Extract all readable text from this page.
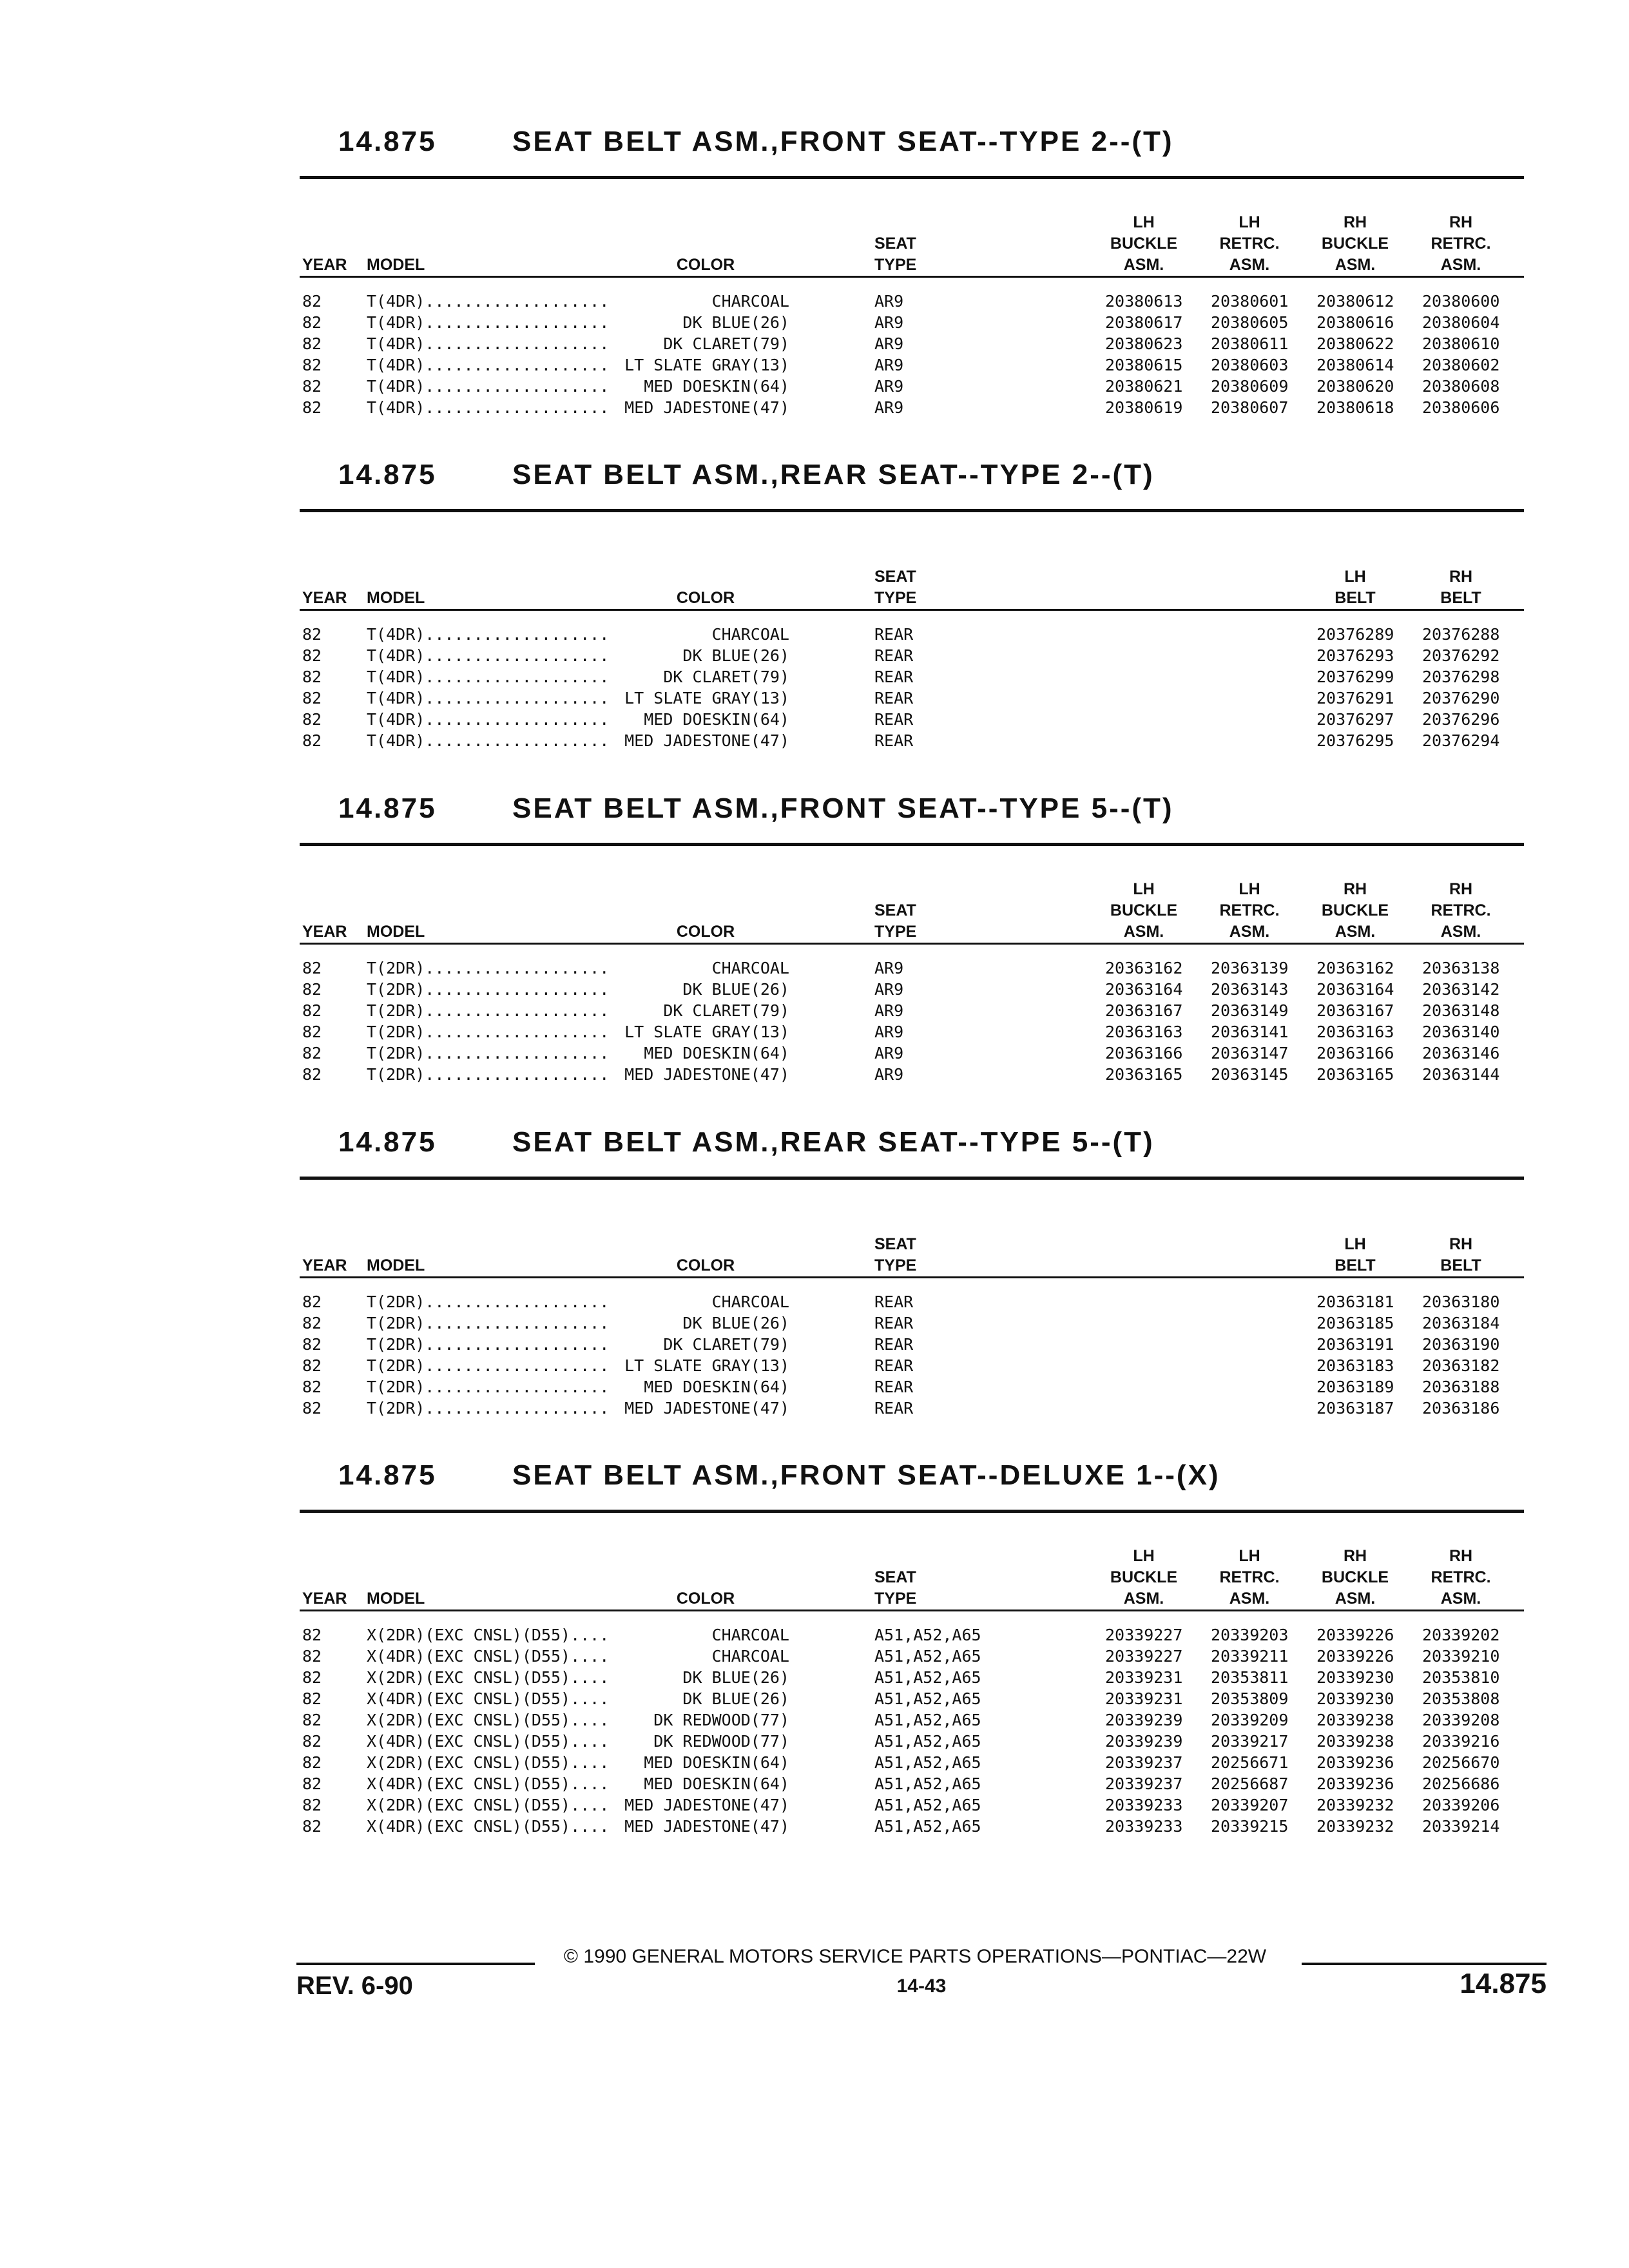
14.875	SEAT BELT ASM.,FRONT SEAT--TYPE 2--(T)
YEAR MODEL	COLOR
SEAT
TYPE
LH
BUCKLE
ASM.
LH
RETRC.
ASM.
RH
BUCKLE
ASM.
RH
RETRC.
ASM.
82	T(4DR)...................	CHARCOAL	AR9	20380613 20380601 20380612 20380600
82	T(4DR)...................	DK BLUE(26)	AR9	20380617 20380605 20380616 20380604
82	T(4DR)...................	DK CLARET(79)	AR9	20380623 20380611 20380622 20380610
82	T(4DR)................... LT SLATE GRAY(13)	AR9	20380615 20380603 20380614 20380602
82	T(4DR)................... MED DOESKIN(64)	AR9	20380621 20380609 20380620 20380608
82	T(4DR)................... MED JADESTONE(47)	AR9	20380619 20380607 20380618 20380606
14.875	SEAT BELT ASM.,REAR SEAT--TYPE 2--(T)
YEAR MODEL	COLOR
SEAT
TYPE
LH
BELT
RH
BELT
82	T(4DR)...................	CHARCOAL	REAR	20376289 20376288
82	T(4DR)...................	DK BLUE(26)	REAR	20376293 20376292
82	T(4DR)...................	DK CLARET(79)	REAR	20376299 20376298
82	T(4DR)................... LT SLATE GRAY(13)	REAR	20376291 20376290
82	T(4DR)................... MED DOESKIN(64)	REAR	20376297 20376296
82	T(4DR)................... MED JADESTONE(47)	REAR	20376295 20376294
14.875	SEAT BELT ASM.,FRONT SEAT--TYPE 5--(T)
YEAR MODEL	COLOR
SEAT
TYPE
LH
BUCKLE
ASM.
LH
RETRC.
ASM.
RH
BUCKLE
ASM.
RH
RETRC.
ASM.
82	T(2DR)...................	CHARCOAL	AR9	20363162 20363139 20363162 20363138
82	T(2DR)...................	DK BLUE(26)	AR9	20363164 20363143 20363164 20363142
82	T(2DR)...................	DK CLARET(79)	AR9	20363167 20363149 20363167 20363148
82	T(2DR)................... LT SLATE GRAY(13)	AR9	20363163 20363141 20363163 20363140
82	T(2DR)................... MED DOESKIN(64)	AR9	20363166 20363147 20363166 20363146
82	T(2DR)................... MED JADESTONE(47)	AR9	20363165 20363145 20363165 20363144
14.875	SEAT BELT ASM.,REAR SEAT--TYPE 5--(T)
YEAR MODEL	COLOR
SEAT
TYPE
LH
BELT
RH
BELT
82	T(2DR)...................	CHARCOAL	REAR	20363181 20363180
82	T(2DR)...................	DK BLUE(26)	REAR	20363185 20363184
82	T(2DR)...................	DK CLARET(79)	REAR	20363191 20363190
82	T(2DR)................... LT SLATE GRAY(13)	REAR	20363183 20363182
82	T(2DR)................... MED DOESKIN(64)	REAR	20363189 20363188
82	T(2DR)................... MED JADESTONE(47)	REAR	20363187 20363186
14.875	SEAT BELT ASM.,FRONT SEAT--DELUXE 1--(X)
YEAR MODEL	COLOR
SEAT
TYPE
LH
BUCKLE
ASM.
LH
RETRC.
ASM.
RH
BUCKLE
ASM.
RH
RETRC.
ASM.
82	X(2DR)(EXC CNSL)(D55)....	CHARCOAL	A51,A52,A65	20339227 20339203 20339226 20339202
82	X(4DR)(EXC CNSL)(D55)....	CHARCOAL	A51,A52,A65	20339227 20339211 20339226 20339210
82	X(2DR)(EXC CNSL)(D55)....	DK BLUE(26)	A51,A52,A65	20339231 20353811 20339230 20353810
82	X(4DR)(EXC CNSL)(D55)....	DK BLUE(26)	A51,A52,A65	20339231 20353809 20339230 20353808
82	X(2DR)(EXC CNSL)(D55)....	DK REDWOOD(77)	A51,A52,A65	20339239 20339209 20339238 20339208
82	X(4DR)(EXC CNSL)(D55)....	DK REDWOOD(77)	A51,A52,A65	20339239 20339217 20339238 20339216
82	X(2DR)(EXC CNSL)(D55).... MED DOESKIN(64)	A51,A52,A65	20339237 20256671 20339236 20256670
82	X(4DR)(EXC CNSL)(D55).... MED DOESKIN(64)	A51,A52,A65	20339237 20256687 20339236 20256686
82	X(2DR)(EXC CNSL)(D55).... MED JADESTONE(47)	A51,A52,A65	20339233 20339207 20339232 20339206
82	X(4DR)(EXC CNSL)(D55).... MED JADESTONE(47)	A51,A52,A65	20339233 20339215 20339232 20339214
© 1990 GENERAL MOTORS SERVICE PARTS OPERATIONS—PONTIAC—22W
REV. 6-90	14-43	14.875
